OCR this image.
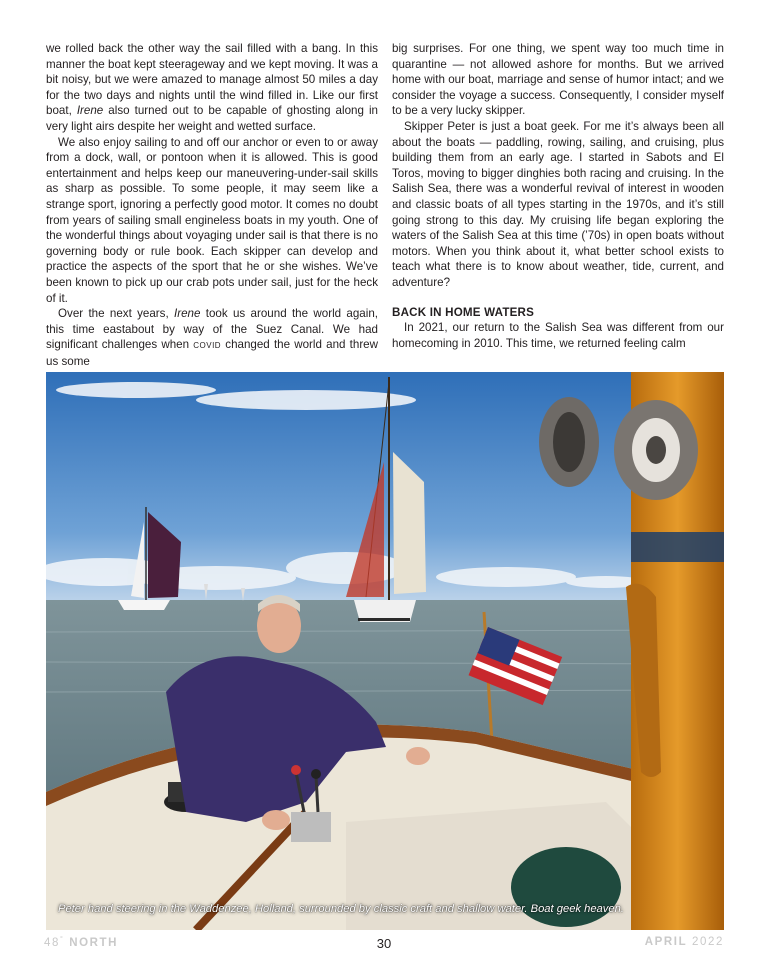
we rolled back the other way the sail filled with a bang. In this manner the boat kept steerageway and we kept moving. It was a bit noisy, but we were amazed to manage almost 50 miles a day for the two days and nights until the wind filled in. Like our first boat, Irene also turned out to be capable of ghosting along in very light airs despite her weight and wetted surface.

We also enjoy sailing to and off our anchor or even to or away from a dock, wall, or pontoon when it is allowed. This is good entertainment and helps keep our maneuvering-under-sail skills as sharp as possible. To some people, it may seem like a strange sport, ignoring a perfectly good motor. It comes no doubt from years of sailing small engineless boats in my youth. One of the wonderful things about voyaging under sail is that there is no governing body or rule book. Each skipper can develop and practice the aspects of the sport that he or she wishes. We’ve been known to pick up our crab pots under sail, just for the heck of it.

Over the next years, Irene took us around the world again, this time eastabout by way of the Suez Canal. We had significant challenges when covid changed the world and threw us some

big surprises. For one thing, we spent way too much time in quarantine — not allowed ashore for months. But we arrived home with our boat, marriage and sense of humor intact; and we consider the voyage a success. Consequently, I consider myself to be a very lucky skipper.

Skipper Peter is just a boat geek. For me it’s always been all about the boats — paddling, rowing, sailing, and cruising, plus building them from an early age. I started in Sabots and El Toros, moving to bigger dinghies both racing and cruising. In the Salish Sea, there was a wonderful revival of interest in wooden and classic boats of all types starting in the 1970s, and it’s still going strong to this day. My cruising life began exploring the waters of the Salish Sea at this time (’70s) in open boats without motors. When you think about it, what better school exists to teach what there is to know about weather, tide, current, and adventure?

BACK IN HOME WATERS

In 2021, our return to the Salish Sea was different from our homecoming in 2010. This time, we returned feeling calm

Peter hand steering in the Waddenzee, Holland, surrounded by classic craft and shallow water. Boat geek heaven.
48° NORTH	30	APRIL 2022
